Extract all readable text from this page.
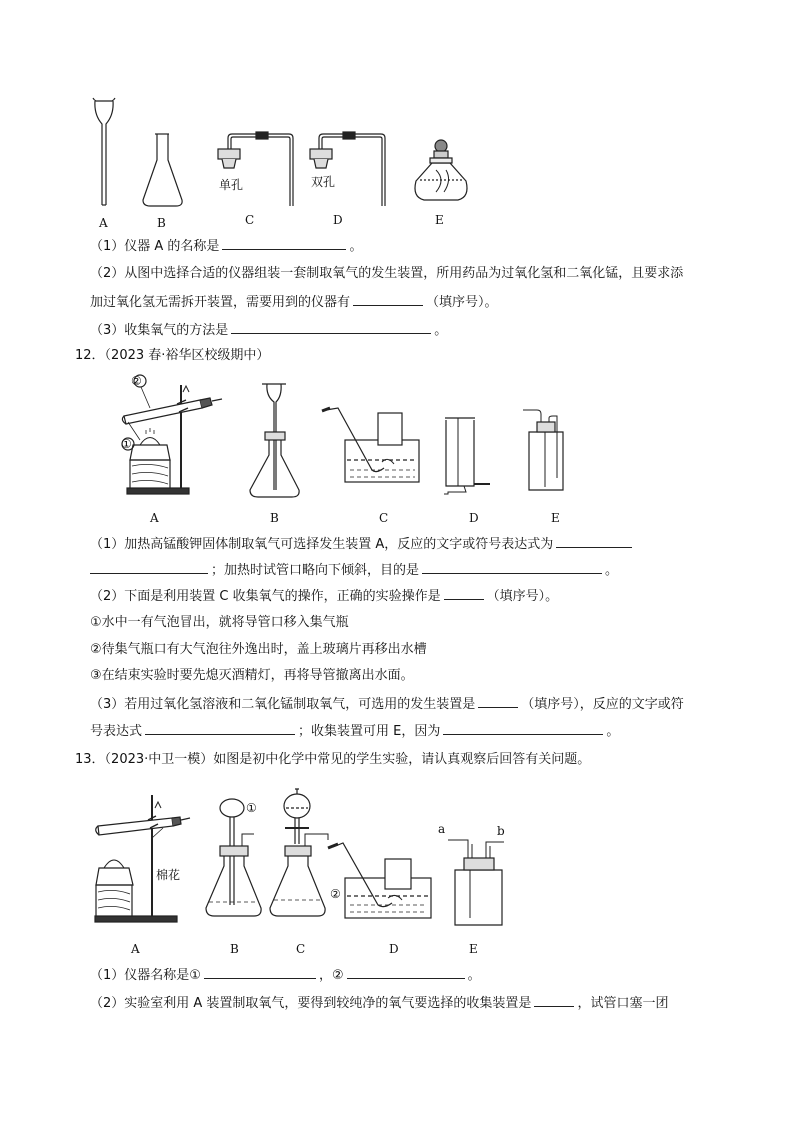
A	B	C	D	E
单孔	双孔
（1）仪器 A 的名称是	。
（2）从图中选择合适的仪器组装一套制取氧气的发生装置，所用药品为过氧化氢和二氧化锰，且要求添
加过氧化氢无需拆开装置，需要用到的仪器有	（填序号）。
（3）收集氧气的方法是	。
12．（2023 春·裕华区校级期中）
②
①
A	B	C	D	E
（1）加热高锰酸钾固体制取氧气可选择发生装置 A，反应的文字或符号表达式为
；加热时试管口略向下倾斜，目的是	。
（2）下面是利用装置 C 收集氧气的操作，正确的实验操作是	（填序号）。
①水中一有气泡冒出，就将导管口移入集气瓶
②待集气瓶口有大气泡往外逸出时，盖上玻璃片再移出水槽
③在结束实验时要先熄灭酒精灯，再将导管撤离出水面。
（3）若用过氧化氢溶液和二氧化锰制取氧气，可选用的发生装置是	（填序号），反应的文字或符
号表达式	；收集装置可用 E，因为	。
13．（2023·中卫一模）如图是初中化学中常见的学生实验，请认真观察后回答有关问题。
棉花
①
②
a	b
A	B	C	D	E
（1）仪器名称是①	，②	。
（2）实验室利用 A 装置制取氧气，要得到较纯净的氧气要选择的收集装置是	，试管口塞一团
